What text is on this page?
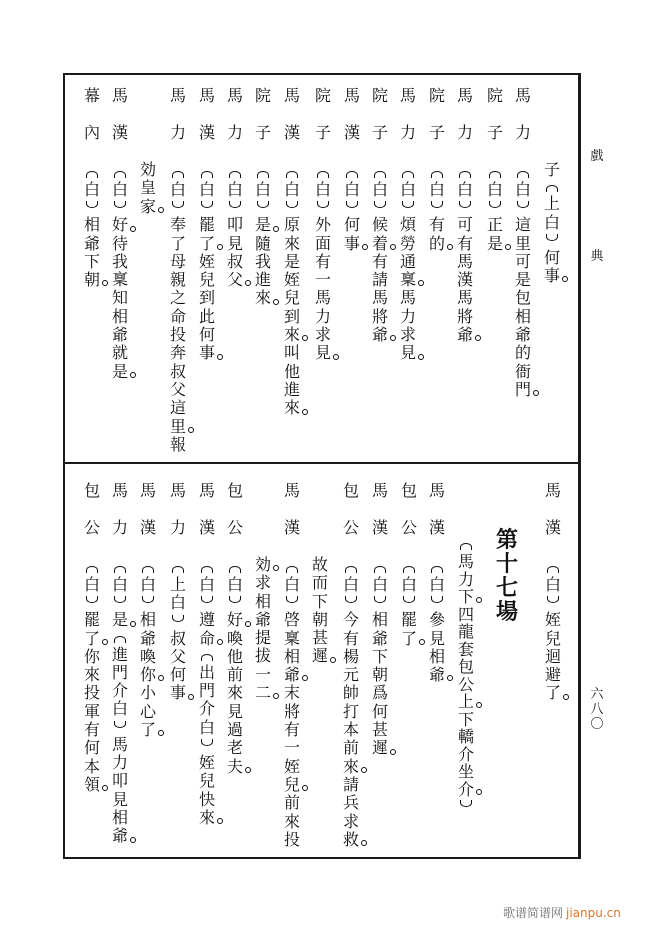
戲
典
六
八
〇
子
上
白
何
事
馬
力
白
這
里
可
是
包
相
爺
的
衙
門
院
子
白
正
是
馬
力
白
可
有
馬
漢
馬
將
爺
院
子
白
有
的
馬
力
白
煩
勞
通
稟
馬
力
求
見
院
子
白
候
着
有
請
馬
將
爺
馬
漢
白
何
事
院
子
白
外
面
有
一
馬
力
求
見
馬
漢
白
原
來
是
姪
兒
到
來
叫
他
進
來
院
子
白
是
隨
我
進
來
馬
力
白
叩
見
叔
父
馬
漢
白
罷
了
姪
兒
到
此
何
事
馬
力
白
奉
了
母
親
之
命
投
奔
叔
父
這
里
報
効
皇
家
馬
漢
白
好
待
我
稟
知
相
爺
就
是
幕
內
白
相
爺
下
朝
馬
漢
白
姪
兒
迴
避
了
第
十
七
場
馬
力
下
四
龍
套
包
公
上
下
轎
介
坐
介
馬
漢
白
參
見
相
爺
包
公
白
罷
了
馬
漢
白
相
爺
下
朝
爲
何
甚
遲
包
公
白
今
有
楊
元
帥
打
本
前
來
請
兵
求
救
故
而
下
朝
甚
遲
馬
漢
白
啓
稟
相
爺
末
將
有
一
姪
兒
前
來
投
効
求
相
爺
提
拔
一
二
包
公
白
好
喚
他
前
來
見
過
老
夫
馬
漢
白
遵
命
出
門
介
白
姪
兒
快
來
馬
力
上
白
叔
父
何
事
馬
漢
白
相
爺
喚
你
小
心
了
馬
力
白
是
進
門
介
白
馬
力
叩
見
相
爺
包
公
白
罷
了
你
來
投
軍
有
何
本
領
歌谱简谱网 jianpu.cn
